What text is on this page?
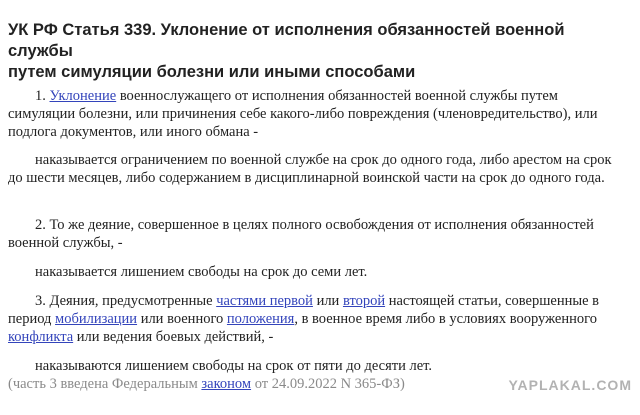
УК РФ Статья 339. Уклонение от исполнения обязанностей военной службы
путем симуляции болезни или иными способами
1. Уклонение военнослужащего от исполнения обязанностей военной службы путем симуляции болезни, или причинения себе какого-либо повреждения (членовредительство), или подлога документов, или иного обмана -
наказывается ограничением по военной службе на срок до одного года, либо арестом на срок до шести месяцев, либо содержанием в дисциплинарной воинской части на срок до одного года.
2. То же деяние, совершенное в целях полного освобождения от исполнения обязанностей военной службы, -
наказывается лишением свободы на срок до семи лет.
3. Деяния, предусмотренные частями первой или второй настоящей статьи, совершенные в период мобилизации или военного положения, в военное время либо в условиях вооруженного конфликта или ведения боевых действий, -
наказываются лишением свободы на срок от пяти до десяти лет.
(часть 3 введена Федеральным законом от 24.09.2022 N 365-ФЗ)	YAPLAKAL.COM
